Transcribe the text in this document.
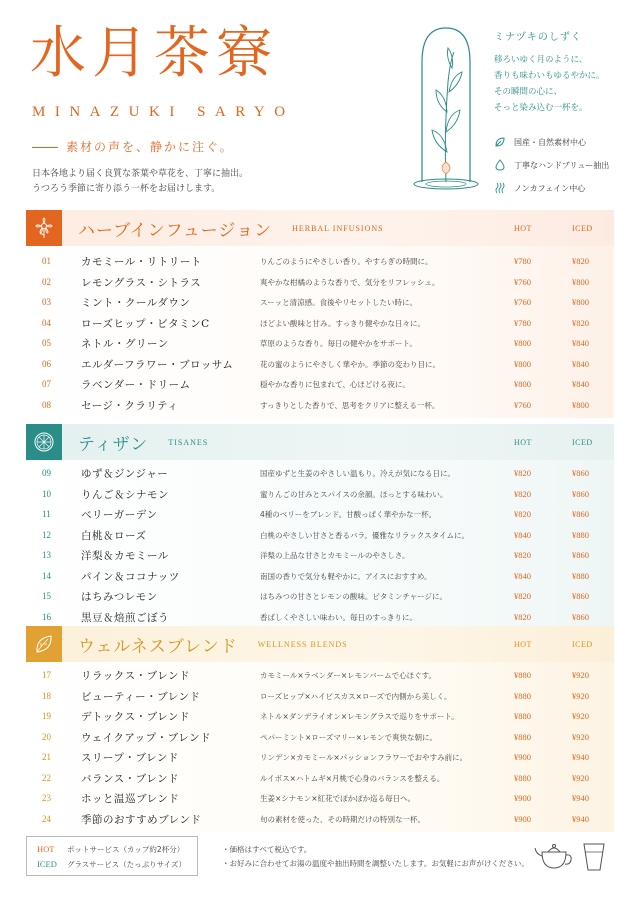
水月茶寮
MINAZUKI SARYO
素材の声を、静かに注ぐ。
日本各地より届く良質な茶葉や草花を、丁寧に抽出。
うつろう季節に寄り添う一杯をお届けします。
ミナヅキのしずく
移ろいゆく月のように、
香りも味わいもゆるやかに。
その瞬間の心に、
そっと染み込む一杯を。
国産・自然素材中心
丁寧なハンドブリュー抽出
ノンカフェイン中心
ハーブインフュージョン	HERBAL INFUSIONS	HOT	ICED
01	カモミール・リトリート	りんごのようにやさしい香り。やすらぎの時間に。	¥780	¥820
02	レモングラス・シトラス	爽やかな柑橘のような香りで、気分をリフレッシュ。	¥760	¥800
03	ミント・クールダウン	スーッと清涼感。食後やリセットしたい時に。	¥760	¥800
04	ローズヒップ・ビタミンC	ほどよい酸味と甘み。すっきり健やかな日々に。	¥780	¥820
05	ネトル・グリーン	草原のような香り。毎日の健やかをサポート。	¥800	¥840
06	エルダーフラワー・ブロッサム	花の蜜のようにやさしく華やか。季節の変わり目に。	¥800	¥840
07	ラベンダー・ドリーム	穏やかな香りに包まれて、心ほどける夜に。	¥800	¥840
08	セージ・クラリティ	すっきりとした香りで、思考をクリアに整える一杯。	¥760	¥800
ティザン	TISANES	HOT	ICED
09	ゆず＆ジンジャー	国産ゆずと生姜のやさしい温もり。冷えが気になる日に。	¥820	¥860
10	りんご＆シナモン	蜜りんごの甘みとスパイスの余韻。ほっとする味わい。	¥820	¥860
11	ベリーガーデン	4種のベリーをブレンド。甘酸っぱく華やかな一杯。	¥820	¥860
12	白桃＆ローズ	白桃のやさしい甘さと香るバラ。優雅なリラックスタイムに。	¥840	¥880
13	洋梨＆カモミール	洋梨の上品な甘さとカモミールのやさしさ。	¥820	¥860
14	パイン＆ココナッツ	南国の香りで気分も軽やかに。アイスにおすすめ。	¥840	¥880
15	はちみつレモン	はちみつの甘さとレモンの酸味。ビタミンチャージに。	¥820	¥860
16	黒豆＆焙煎ごぼう	香ばしくやさしい味わい。毎日のすっきりに。	¥820	¥860
ウェルネスブレンド	WELLNESS BLENDS	HOT	ICED
17	リラックス・ブレンド	カモミール×ラベンダー×レモンバームで心ほぐす。	¥880	¥920
18	ビューティー・ブレンド	ローズヒップ×ハイビスカス×ローズで内側から美しく。	¥880	¥920
19	デトックス・ブレンド	ネトル×ダンデライオン×レモングラスで巡りをサポート。	¥880	¥920
20	ウェイクアップ・ブレンド	ペパーミント×ローズマリー×レモンで爽快な朝に。	¥880	¥920
21	スリープ・ブレンド	リンデン×カモミール×パッションフラワーでおやすみ前に。	¥900	¥940
22	バランス・ブレンド	ルイボス×ハトムギ×月桃で心身のバランスを整える。	¥880	¥920
23	ホッと温巡ブレンド	生姜×シナモン×紅花でぽかぽか巡る毎日へ。	¥900	¥940
24	季節のおすすめブレンド	旬の素材を使った、その時期だけの特別な一杯。	¥900	¥940
HOT ポットサービス（カップ約2杯分）
ICED グラスサービス（たっぷりサイズ）
・価格はすべて税込です。
・お好みに合わせてお湯の温度や抽出時間を調整いたします。お気軽にお声がけください。
